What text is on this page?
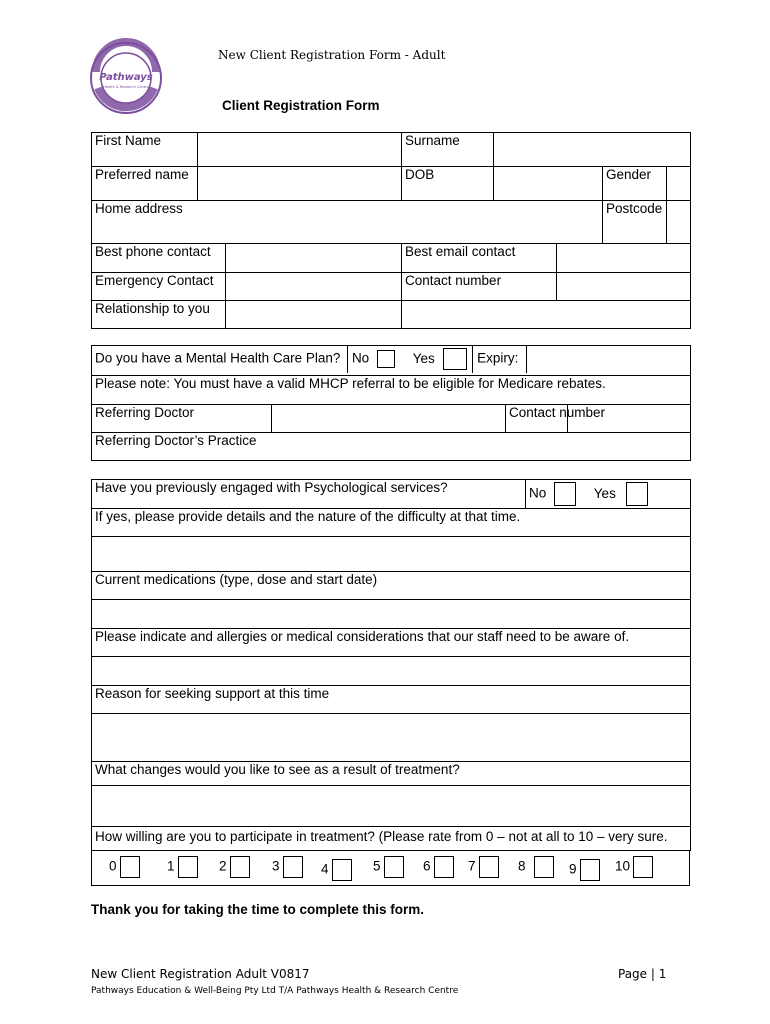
New Client Registration Form - Adult
Pathways
Health & Research Centre
Client Registration Form
First Name			Surname				
Preferred name			DOB			Gender	
Home address						Postcode	
Best phone contact			Best email contact				
Emergency Contact			Contact number				
Relationship to you							
Do you have a Mental Health Care Plan? No	Yes	Expiry:
Please note: You must have a valid MHCP referral to be eligible for Medicare rebates.
Referring Doctor		Contact number	
Referring Doctor’s Practice
Have you previously engaged with Psychological services?	No	Yes
If yes, please provide details and the nature of the difficulty at that time.

Current medications (type, dose and start date)

Please indicate and allergies or medical considerations that our staff need to be aware of.

Reason for seeking support at this time

What changes would you like to see as a result of treatment?

How willing are you to participate in treatment? (Please rate from 0 – not at all to 10 – very sure.
0	1	2	3	4	5	6	7	8	9	10
Thank you for taking the time to complete this form.
New Client Registration Adult V0817	Page | 1
Pathways Education & Well-Being Pty Ltd T/A Pathways Health & Research Centre
